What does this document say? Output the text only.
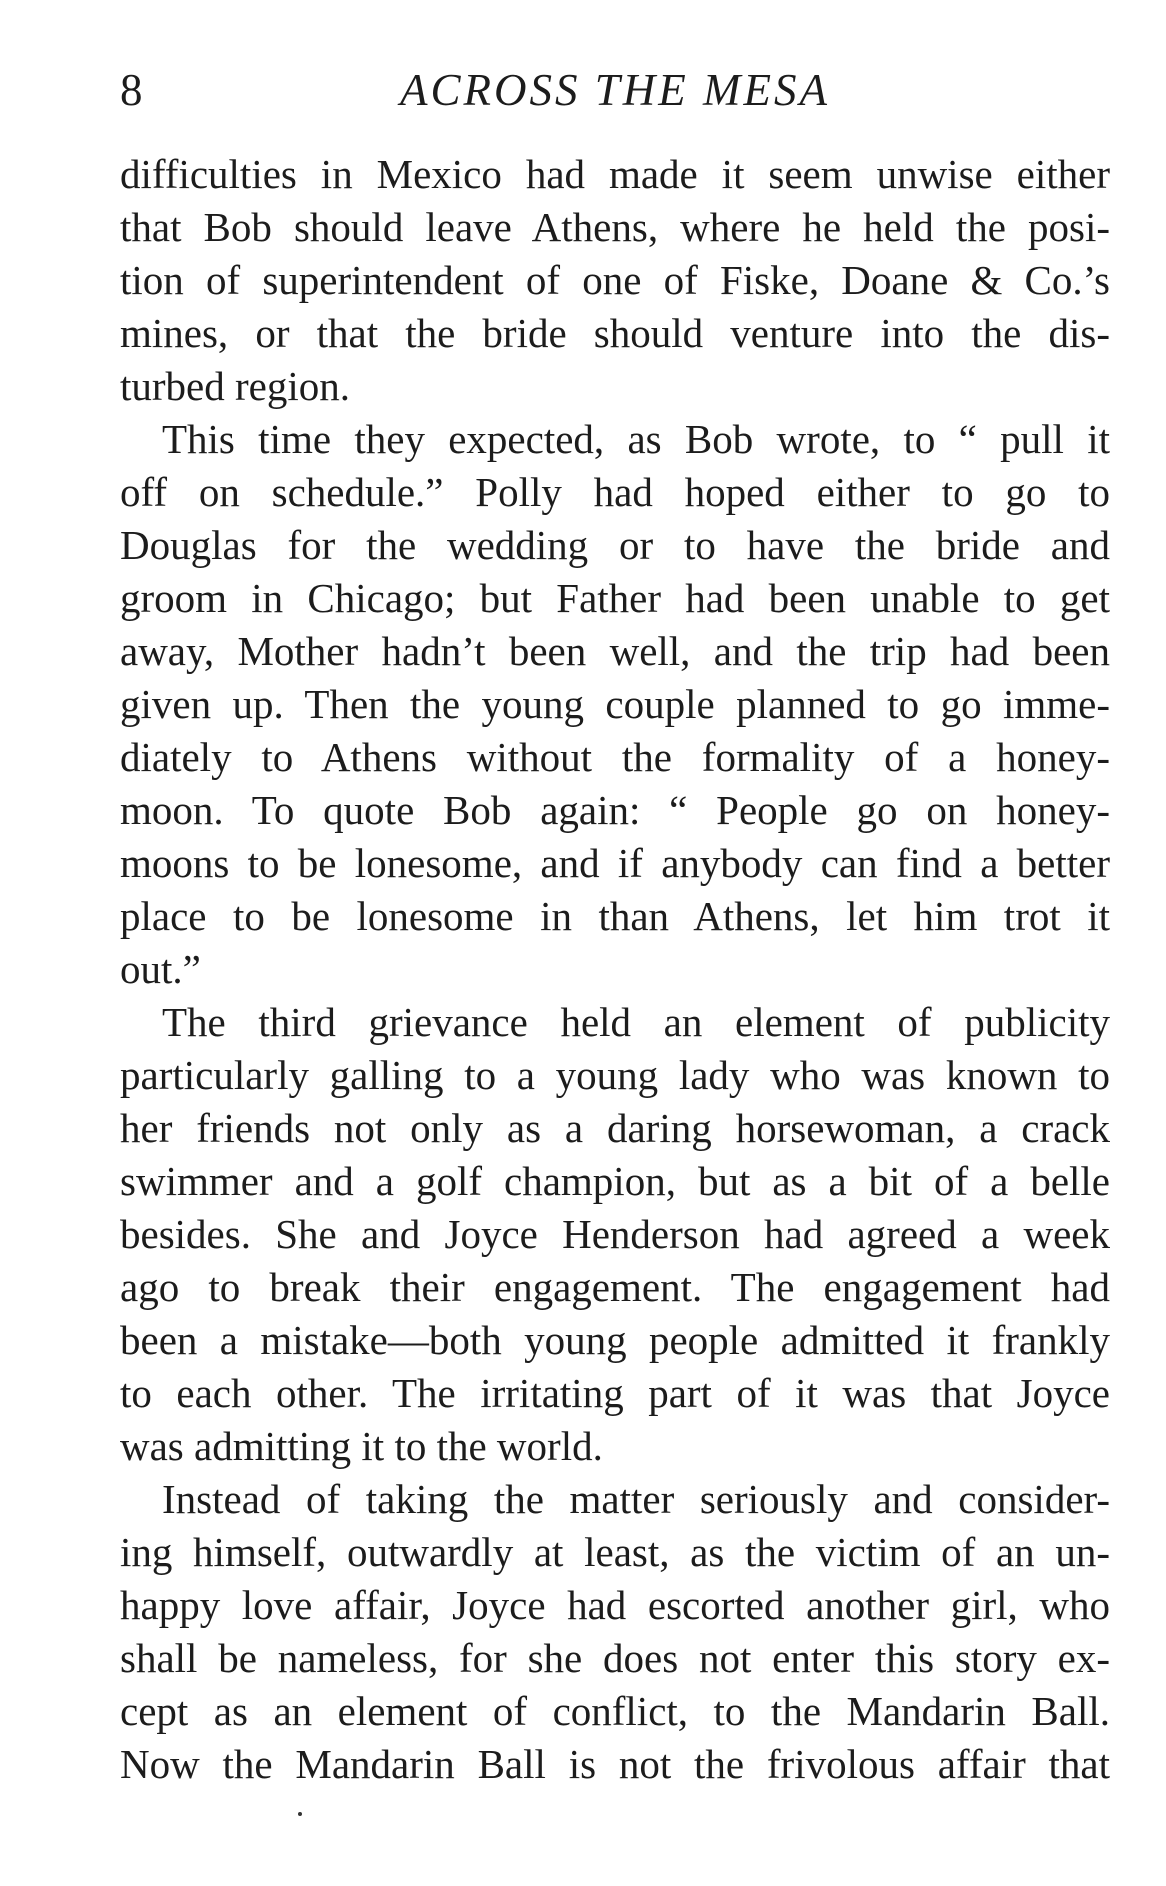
8	ACROSS THE MESA
difficulties in Mexico had made it seem unwise either
that Bob should leave Athens, where he held the posi-
tion of superintendent of one of Fiske, Doane & Co.’s
mines, or that the bride should venture into the dis-
turbed region.
This time they expected, as Bob wrote, to “ pull it
off on schedule.” Polly had hoped either to go to
Douglas for the wedding or to have the bride and
groom in Chicago; but Father had been unable to get
away, Mother hadn’t been well, and the trip had been
given up. Then the young couple planned to go imme-
diately to Athens without the formality of a honey-
moon. To quote Bob again: “ People go on honey-
moons to be lonesome, and if anybody can find a better
place to be lonesome in than Athens, let him trot it
out.”
The third grievance held an element of publicity
particularly galling to a young lady who was known to
her friends not only as a daring horsewoman, a crack
swimmer and a golf champion, but as a bit of a belle
besides. She and Joyce Henderson had agreed a week
ago to break their engagement. The engagement had
been a mistake—both young people admitted it frankly
to each other. The irritating part of it was that Joyce
was admitting it to the world.
Instead of taking the matter seriously and consider-
ing himself, outwardly at least, as the victim of an un-
happy love affair, Joyce had escorted another girl, who
shall be nameless, for she does not enter this story ex-
cept as an element of conflict, to the Mandarin Ball.
Now the Mandarin Ball is not the frivolous affair that
